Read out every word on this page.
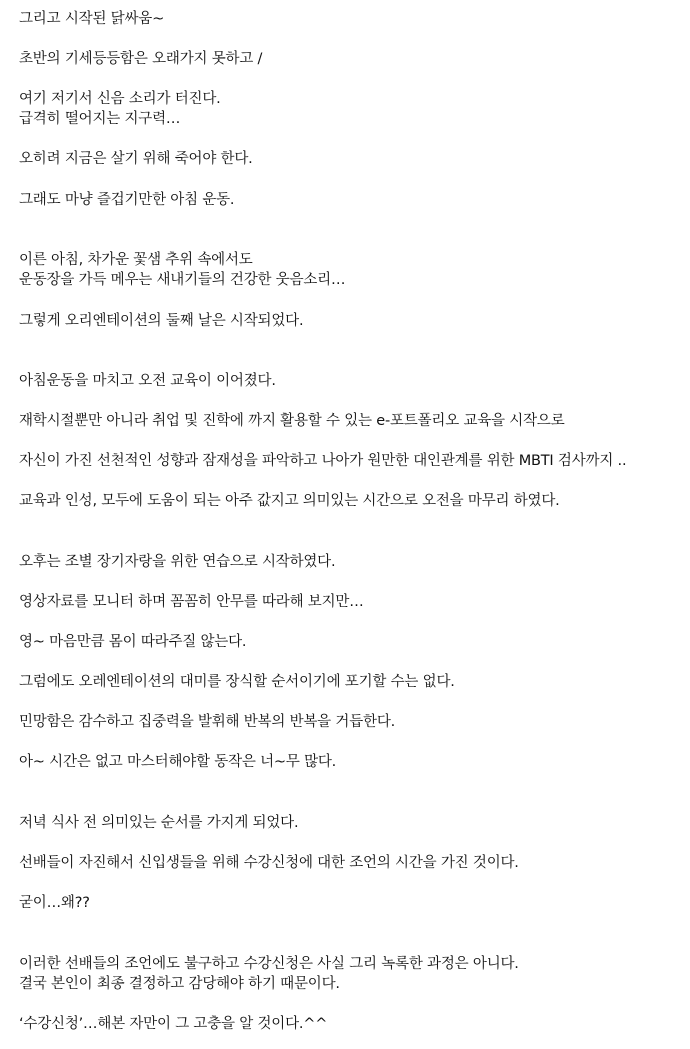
그리고 시작된 닭싸움~
초반의 기세등등함은 오래가지 못하고 /
여기 저기서 신음 소리가 터진다.
급격히 떨어지는 지구력…
오히려 지금은 살기 위해 죽어야 한다.
그래도 마냥 즐겁기만한 아침 운동.
이른 아침, 차가운 꽃샘 추위 속에서도
운동장을 가득 메우는 새내기들의 건강한 웃음소리…
그렇게 오리엔테이션의 둘째 날은 시작되었다.
아침운동을 마치고 오전 교육이 이어졌다.
재학시절뿐만 아니라 취업 및 진학에 까지 활용할 수 있는 e-포트폴리오 교육을 시작으로
자신이 가진 선천적인 성향과 잠재성을 파악하고 나아가 원만한 대인관계를 위한 MBTI 검사까지 ..
교육과 인성, 모두에 도움이 되는 아주 값지고 의미있는 시간으로 오전을 마무리 하였다.
오후는 조별 장기자랑을 위한 연습으로 시작하였다.
영상자료를 모니터 하며 꼼꼼히 안무를 따라해 보지만…
영~ 마음만큼 몸이 따라주질 않는다.
그럼에도 오레엔테이션의 대미를 장식할 순서이기에 포기할 수는 없다.
민망함은 감수하고 집중력을 발휘해 반복의 반복을 거듭한다.
아~ 시간은 없고 마스터해야할 동작은 너~무 많다.
저녁 식사 전 의미있는 순서를 가지게 되었다.
선배들이 자진해서 신입생들을 위해 수강신청에 대한 조언의 시간을 가진 것이다.
굳이…왜??
이러한 선배들의 조언에도 불구하고 수강신청은 사실 그리 녹록한 과정은 아니다.
결국 본인이 최종 결정하고 감당해야 하기 때문이다.
‘수강신청’…해본 자만이 그 고충을 알 것이다.^^
